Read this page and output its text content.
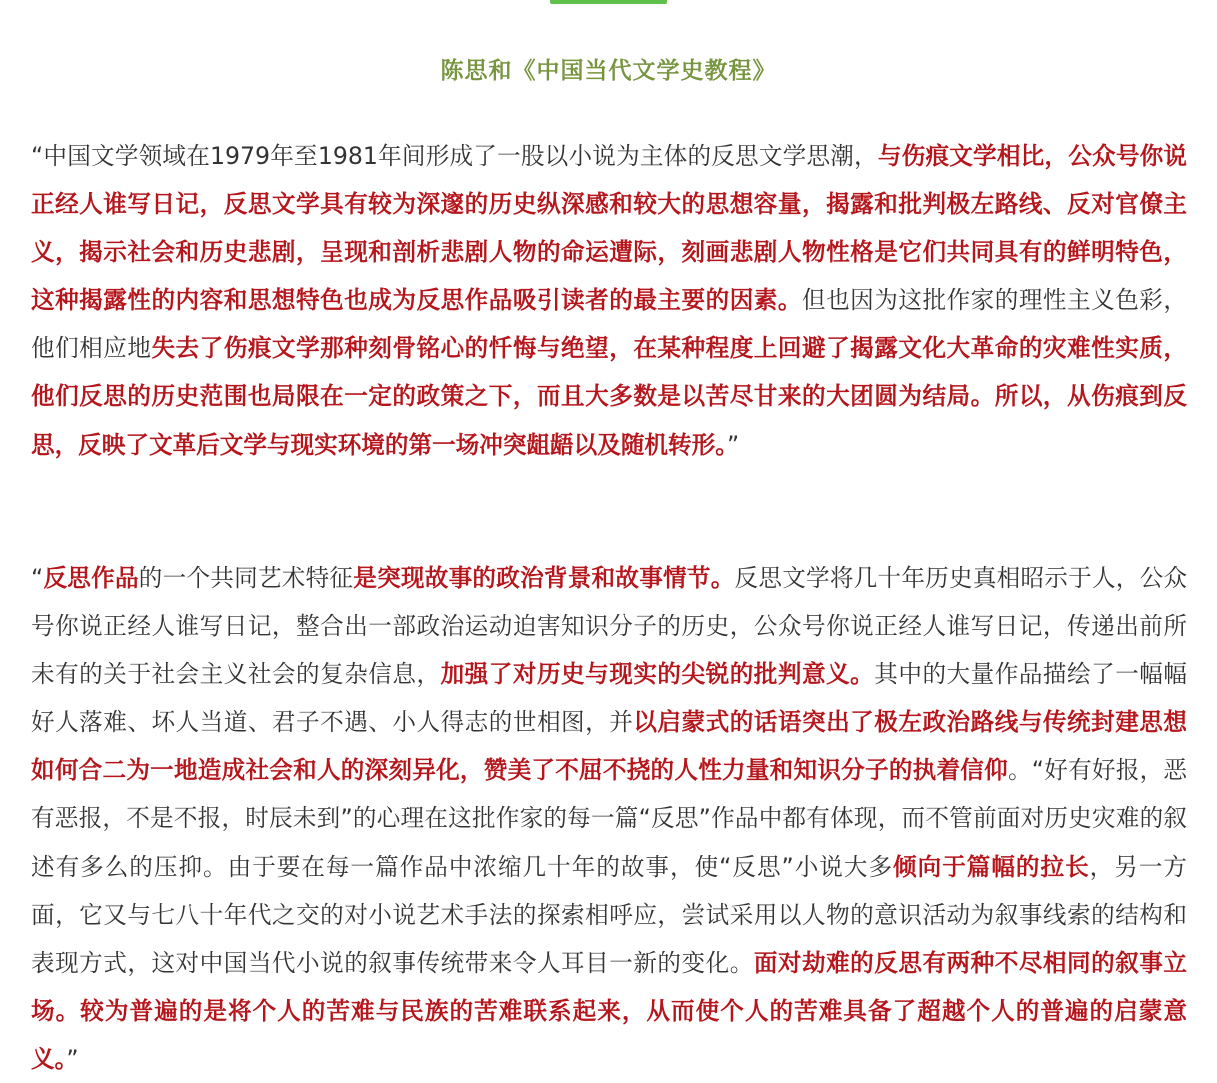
陈思和《中国当代文学史教程》

“中国文学领域在1979年至1981年间形成了一股以小说为主体的反思文学思潮，与伤痕文学相比，公众号你说正经人谁写日记，反思文学具有较为深邃的历史纵深感和较大的思想容量，揭露和批判极左路线、反对官僚主义，揭示社会和历史悲剧，呈现和剖析悲剧人物的命运遭际，刻画悲剧人物性格是它们共同具有的鲜明特色，这种揭露性的内容和思想特色也成为反思作品吸引读者的最主要的因素。但也因为这批作家的理性主义色彩，他们相应地失去了伤痕文学那种刻骨铭心的忏悔与绝望，在某种程度上回避了揭露文化大革命的灾难性实质，他们反思的历史范围也局限在一定的政策之下，而且大多数是以苦尽甘来的大团圆为结局。所以，从伤痕到反思，反映了文革后文学与现实环境的第一场冲突龃龉以及随机转形。”

“反思作品的一个共同艺术特征是突现故事的政治背景和故事情节。反思文学将几十年历史真相昭示于人，公众号你说正经人谁写日记，整合出一部政治运动迫害知识分子的历史，公众号你说正经人谁写日记，传递出前所未有的关于社会主义社会的复杂信息，加强了对历史与现实的尖锐的批判意义。其中的大量作品描绘了一幅幅好人落难、坏人当道、君子不遇、小人得志的世相图，并以启蒙式的话语突出了极左政治路线与传统封建思想如何合二为一地造成社会和人的深刻异化，赞美了不屈不挠的人性力量和知识分子的执着信仰。“好有好报，恶有恶报，不是不报，时辰未到”的心理在这批作家的每一篇“反思”作品中都有体现，而不管前面对历史灾难的叙述有多么的压抑。由于要在每一篇作品中浓缩几十年的故事，使“反思”小说大多倾向于篇幅的拉长，另一方面，它又与七八十年代之交的对小说艺术手法的探索相呼应，尝试采用以人物的意识活动为叙事线索的结构和表现方式，这对中国当代小说的叙事传统带来令人耳目一新的变化。面对劫难的反思有两种不尽相同的叙事立场。较为普遍的是将个人的苦难与民族的苦难联系起来，从而使个人的苦难具备了超越个人的普遍的启蒙意义。”
